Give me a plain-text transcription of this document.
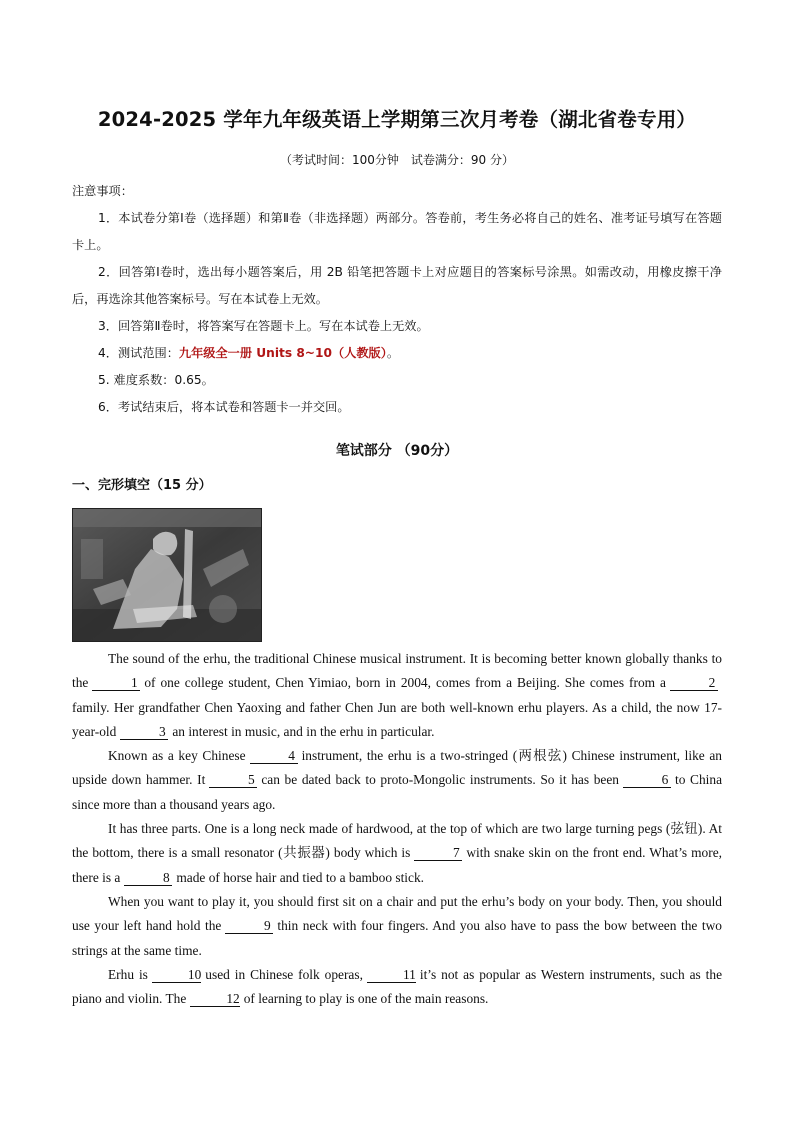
2024-2025 学年九年级英语上学期第三次月考卷（湖北省卷专用）
（考试时间：100分钟　试卷满分：90 分）
注意事项：

1．本试卷分第Ⅰ卷（选择题）和第Ⅱ卷（非选择题）两部分。答卷前，考生务必将自己的姓名、准考证号填写在答题卡上。

2．回答第Ⅰ卷时，选出每小题答案后，用 2B 铅笔把答题卡上对应题目的答案标号涂黑。如需改动，用橡皮擦干净后，再选涂其他答案标号。写在本试卷上无效。

3．回答第Ⅱ卷时，将答案写在答题卡上。写在本试卷上无效。

4．测试范围：九年级全一册 Units 8~10（人教版）。

5. 难度系数：0.65。

6．考试结束后，将本试卷和答题卡一并交回。

笔试部分 （90分）
一、完形填空（15 分）

The sound of the erhu, the traditional Chinese musical instrument. It is becoming better known globally thanks to the	1 of one college student, Chen Yimiao, born in 2004, comes from a Beijing. She comes from a	2family. Her grandfather Chen Yaoxing and father Chen Jun are both well-known erhu players. As a child, the now 17-year-old	3 an interest in music, and in the erhu in particular.

Known as a key Chinese	4 instrument, the erhu is a two-stringed (两根弦) Chinese instrument, like an upside down hammer. It	5 can be dated back to proto-Mongolic instruments. So it has been	6 to China since more than a thousand years ago.

It has three parts. One is a long neck made of hardwood, at the top of which are two large turning pegs (弦钮). At the bottom, there is a small resonator (共振器) body which is	7 with snake skin on the front end. What’s more, there is a	8 made of horse hair and tied to a bamboo stick.

When you want to play it, you should first sit on a chair and put the erhu’s body on your body. Then, you should use your left hand hold the	9 thin neck with four fingers. And you also have to pass the bow between the two strings at the same time.

Erhu is	10 used in Chinese folk operas,	11 it’s not as popular as Western instruments, such as the piano and violin. The	12 of learning to play is one of the main reasons.
